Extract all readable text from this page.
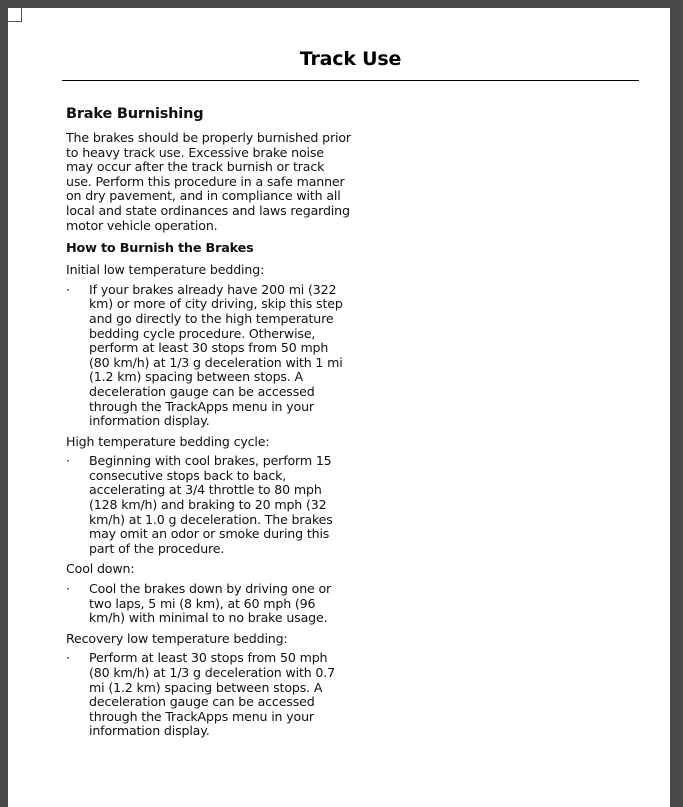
Track Use
Brake Burnishing

The brakes should be properly burnished prior to heavy track use. Excessive brake noise may occur after the track burnish or track use. Perform this procedure in a safe manner on dry pavement, and in compliance with all local and state ordinances and laws regarding motor vehicle operation.

How to Burnish the Brakes
Initial low temperature bedding:
·	If your brakes already have 200 mi (322 km) or more of city driving, skip this step and go directly to the high temperature bedding cycle procedure. Otherwise, perform at least 30 stops from 50 mph (80 km/h) at 1/3 g deceleration with 1 mi (1.2 km) spacing between stops. A deceleration gauge can be accessed through the TrackApps menu in your information display.
High temperature bedding cycle:
·	Beginning with cool brakes, perform 15 consecutive stops back to back, accelerating at 3/4 throttle to 80 mph (128 km/h) and braking to 20 mph (32 km/h) at 1.0 g deceleration. The brakes may omit an odor or smoke during this part of the procedure.
Cool down:
·	Cool the brakes down by driving one or two laps, 5 mi (8 km), at 60 mph (96 km/h) with minimal to no brake usage.
Recovery low temperature bedding:
·	Perform at least 30 stops from 50 mph (80 km/h) at 1/3 g deceleration with 0.7 mi (1.2 km) spacing between stops. A deceleration gauge can be accessed through the TrackApps menu in your information display.
